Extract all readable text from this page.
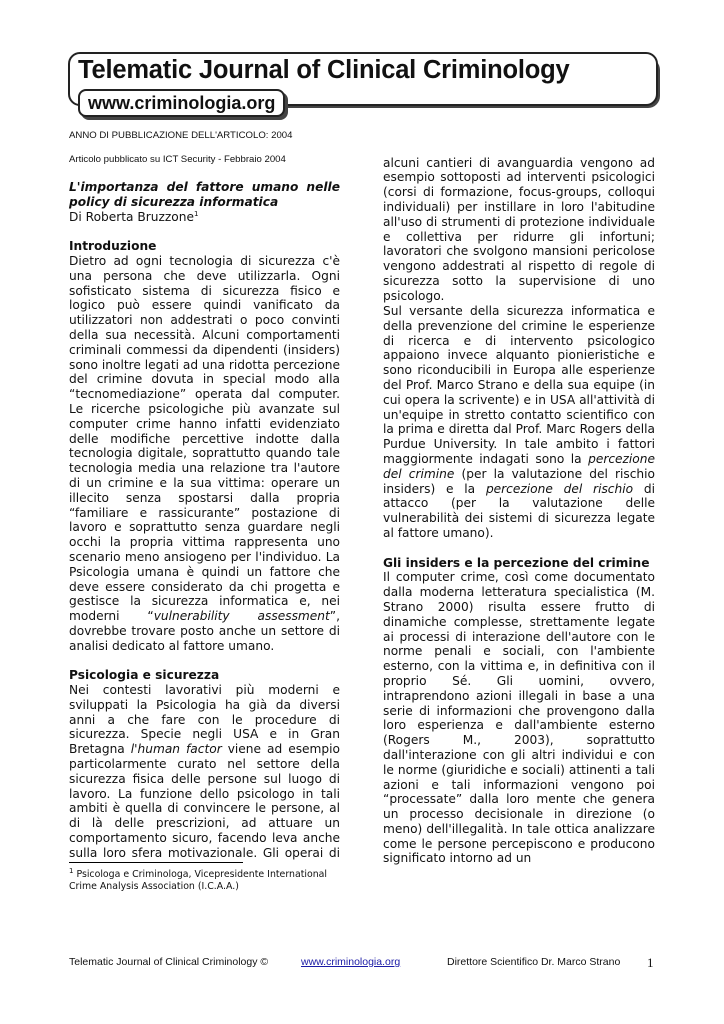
Telematic Journal of Clinical Criminology
www.criminologia.org
ANNO DI PUBBLICAZIONE DELL'ARTICOLO: 2004
Articolo pubblicato su ICT Security - Febbraio 2004

L'importanza del fattore umano nelle policy di sicurezza informatica

Di Roberta Bruzzone$^1$

Introduzione

Dietro ad ogni tecnologia di sicurezza c'è una persona che deve utilizzarla. Ogni sofisticato sistema di sicurezza fisico e logico può essere quindi vanificato da utilizzatori non addestrati o poco convinti della sua necessità. Alcuni comportamenti criminali commessi da dipendenti (insiders) sono inoltre legati ad una ridotta percezione del crimine dovuta in special modo alla “tecnomediazione” operata dal computer. Le ricerche psicologiche più avanzate sul computer crime hanno infatti evidenziato delle modifiche percettive indotte dalla tecnologia digitale, soprattutto quando tale tecnologia media una relazione tra l'autore di un crimine e la sua vittima: operare un illecito senza spostarsi dalla propria “familiare e rassicurante” postazione di lavoro e soprattutto senza guardare negli occhi la propria vittima rappresenta uno scenario meno ansiogeno per l'individuo. La Psicologia umana è quindi un fattore che deve essere considerato da chi progetta e gestisce la sicurezza informatica e, nei moderni “vulnerability assessment”, dovrebbe trovare posto anche un settore di analisi dedicato al fattore umano.

Psicologia e sicurezza

Nei contesti lavorativi più moderni e sviluppati la Psicologia ha già da diversi anni a che fare con le procedure di sicurezza. Specie negli USA e in Gran Bretagna l'human factor viene ad esempio particolarmente curato nel settore della sicurezza fisica delle persone sul luogo di lavoro. La funzione dello psicologo in tali ambiti è quella di convincere le persone, al di là delle prescrizioni, ad attuare un comportamento sicuro, facendo leva anche sulla loro sfera motivazionale. Gli operai di

alcuni cantieri di avanguardia vengono ad esempio sottoposti ad interventi psicologici (corsi di formazione, focus-groups, colloqui individuali) per instillare in loro l'abitudine all'uso di strumenti di protezione individuale e collettiva per ridurre gli infortuni; lavoratori che svolgono mansioni pericolose vengono addestrati al rispetto di regole di sicurezza sotto la supervisione di uno psicologo.

Sul versante della sicurezza informatica e della prevenzione del crimine le esperienze di ricerca e di intervento psicologico appaiono invece alquanto pionieristiche e sono riconducibili in Europa alle esperienze del Prof. Marco Strano e della sua equipe (in cui opera la scrivente) e in USA all'attività di un'equipe in stretto contatto scientifico con la prima e diretta dal Prof. Marc Rogers della Purdue University. In tale ambito i fattori maggiormente indagati sono la percezione del crimine (per la valutazione del rischio insiders) e la percezione del rischio di attacco (per la valutazione delle vulnerabilità dei sistemi di sicurezza legate al fattore umano).

Gli insiders e la percezione del crimine

Il computer crime, così come documentato dalla moderna letteratura specialistica (M. Strano 2000) risulta essere frutto di dinamiche complesse, strettamente legate ai processi di interazione dell'autore con le norme penali e sociali, con l'ambiente esterno, con la vittima e, in definitiva con il proprio Sé. Gli uomini, ovvero, intraprendono azioni illegali in base a una serie di informazioni che provengono dalla loro esperienza e dall'ambiente esterno (Rogers M., 2003), soprattutto dall'interazione con gli altri individui e con le norme (giuridiche e sociali) attinenti a tali azioni e tali informazioni vengono poi “processate” dalla loro mente che genera un processo decisionale in direzione (o meno) dell'illegalità. In tale ottica analizzare come le persone percepiscono e producono significato intorno ad un

$^1$ Psicologa e Criminologa, Vicepresidente International Crime Analysis Association (I.C.A.A.)
Telematic Journal of Clinical Criminology ©	www.criminologia.org	Direttore Scientifico Dr. Marco Strano 1
